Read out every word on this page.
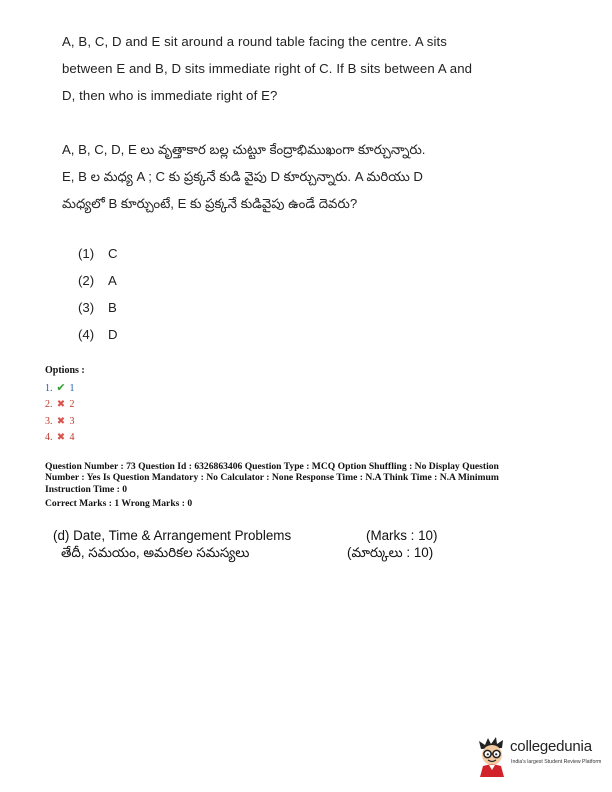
A, B, C, D and E sit around a round table facing the centre. A sits
between E and B, D sits immediate right of C. If B sits between A and
D, then who is immediate right of E?
A, B, C, D, E లు వృత్తాకార బల్ల చుట్టూ కేంద్రాభిముఖంగా కూర్చున్నారు.
E, B ల మధ్య A ; C కు ప్రక్కనే కుడి వైపు D కూర్చున్నారు. A మరియు D
మధ్యలో B కూర్చుంటే, E కు ప్రక్కనే కుడివైపు ఉండే దెవరు?
(1) C
(2) A
(3) B
(4) D
Options :
1. ✔ 1
2. ✖ 2
3. ✖ 3
4. ✖ 4
Question Number : 73 Question Id : 6326863406 Question Type : MCQ Option Shuffling : No Display Question
Number : Yes Is Question Mandatory : No Calculator : None Response Time : N.A Think Time : N.A Minimum
Instruction Time : 0
Correct Marks : 1 Wrong Marks : 0
(d) Date, Time & Arrangement Problems	(Marks : 10)
తేదీ, సమయం, అమరికల సమస్యలు	(మార్కులు : 10)
collegedunia
India's largest Student Review Platform
